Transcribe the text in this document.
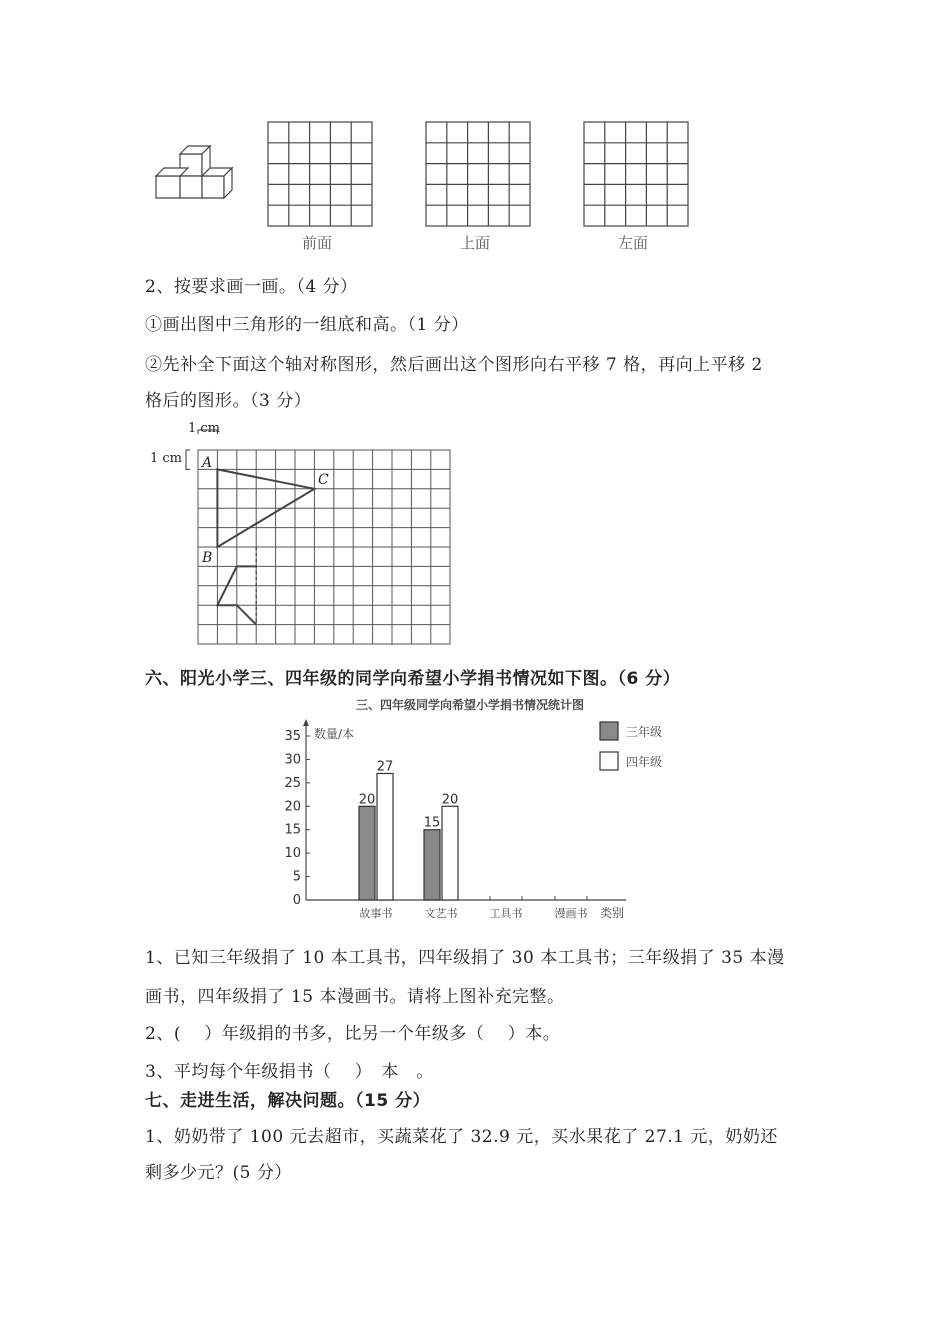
前面	上面	左面
2、按要求画一画。（4 分）
①画出图中三角形的一组底和高。（1 分）
②先补全下面这个轴对称图形，然后画出这个图形向右平移 7 格，再向上平移 2
格后的图形。（3 分）
1 cm
1 cm A
C
B
六、阳光小学三、四年级的同学向希望小学捐书情况如下图。（6 分）
三、四年级同学向希望小学捐书情况统计图
数量/本
类别
三年级
四年级
0
5
10
15
20
25
30
35
故事书	文艺书	工具书	漫画书
20
27
15
20
1、已知三年级捐了 10 本工具书，四年级捐了 30 本工具书；三年级捐了 35 本漫
画书，四年级捐了 15 本漫画书。请将上图补充完整。
2、(　 ）年级捐的书多，比另一个年级多（　 ）本。
3、平均每个年级捐书（　 ）　本　。
七、走进生活，解决问题。（15 分）
1、奶奶带了 100 元去超市，买蔬菜花了 32.9 元，买水果花了 27.1 元，奶奶还
剩多少元？(5 分）
